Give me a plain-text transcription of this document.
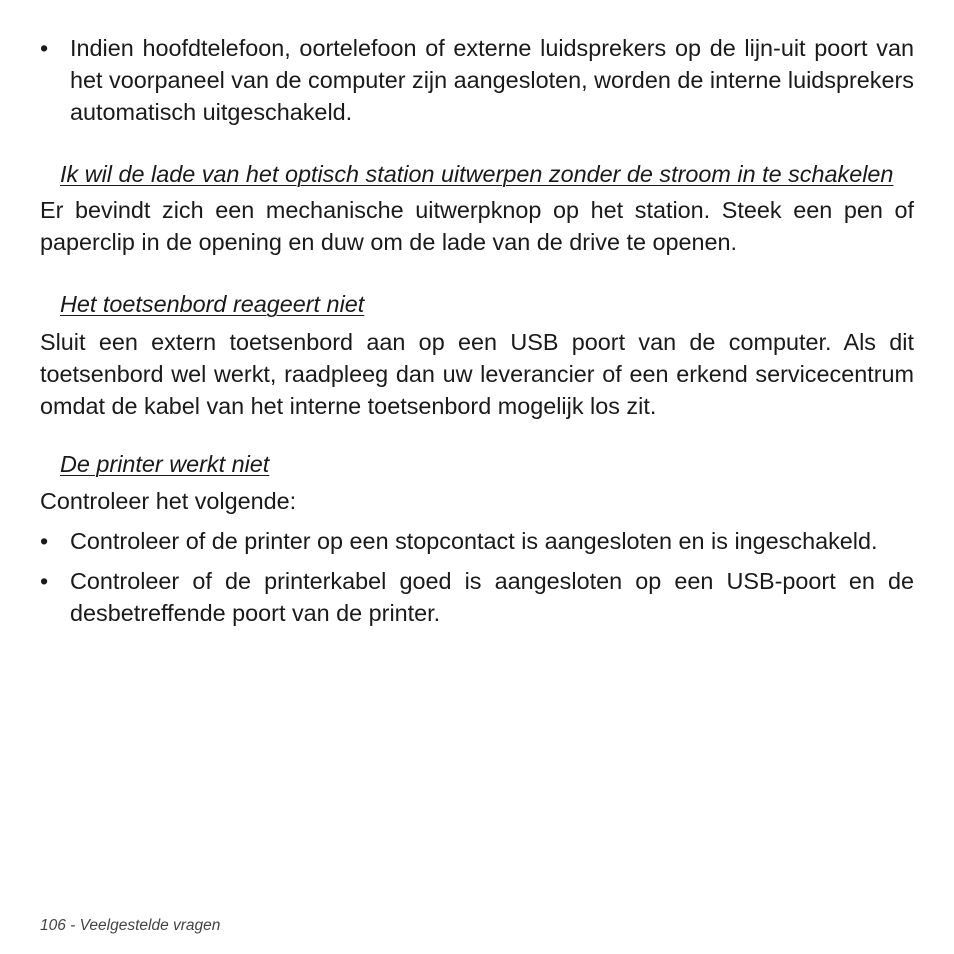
• Indien hoofdtelefoon, oortelefoon of externe luidsprekers op de lijn-uit poort van het voorpaneel van de computer zijn aangesloten, worden de interne luidsprekers automatisch uitgeschakeld.
Ik wil de lade van het optisch station uitwerpen zonder de stroom in te schakelen

Er bevindt zich een mechanische uitwerpknop op het station. Steek een pen of paperclip in de opening en duw om de lade van de drive te openen.

Het toetsenbord reageert niet

Sluit een extern toetsenbord aan op een USB poort van de computer. Als dit toetsenbord wel werkt, raadpleeg dan uw leverancier of een erkend servicecentrum omdat de kabel van het interne toetsenbord mogelijk los zit.

De printer werkt niet

Controleer het volgende:

• Controleer of de printer op een stopcontact is aangesloten en is ingeschakeld.
• Controleer of de printerkabel goed is aangesloten op een USB-poort en de desbetreffende poort van de printer.
106 - Veelgestelde vragen
